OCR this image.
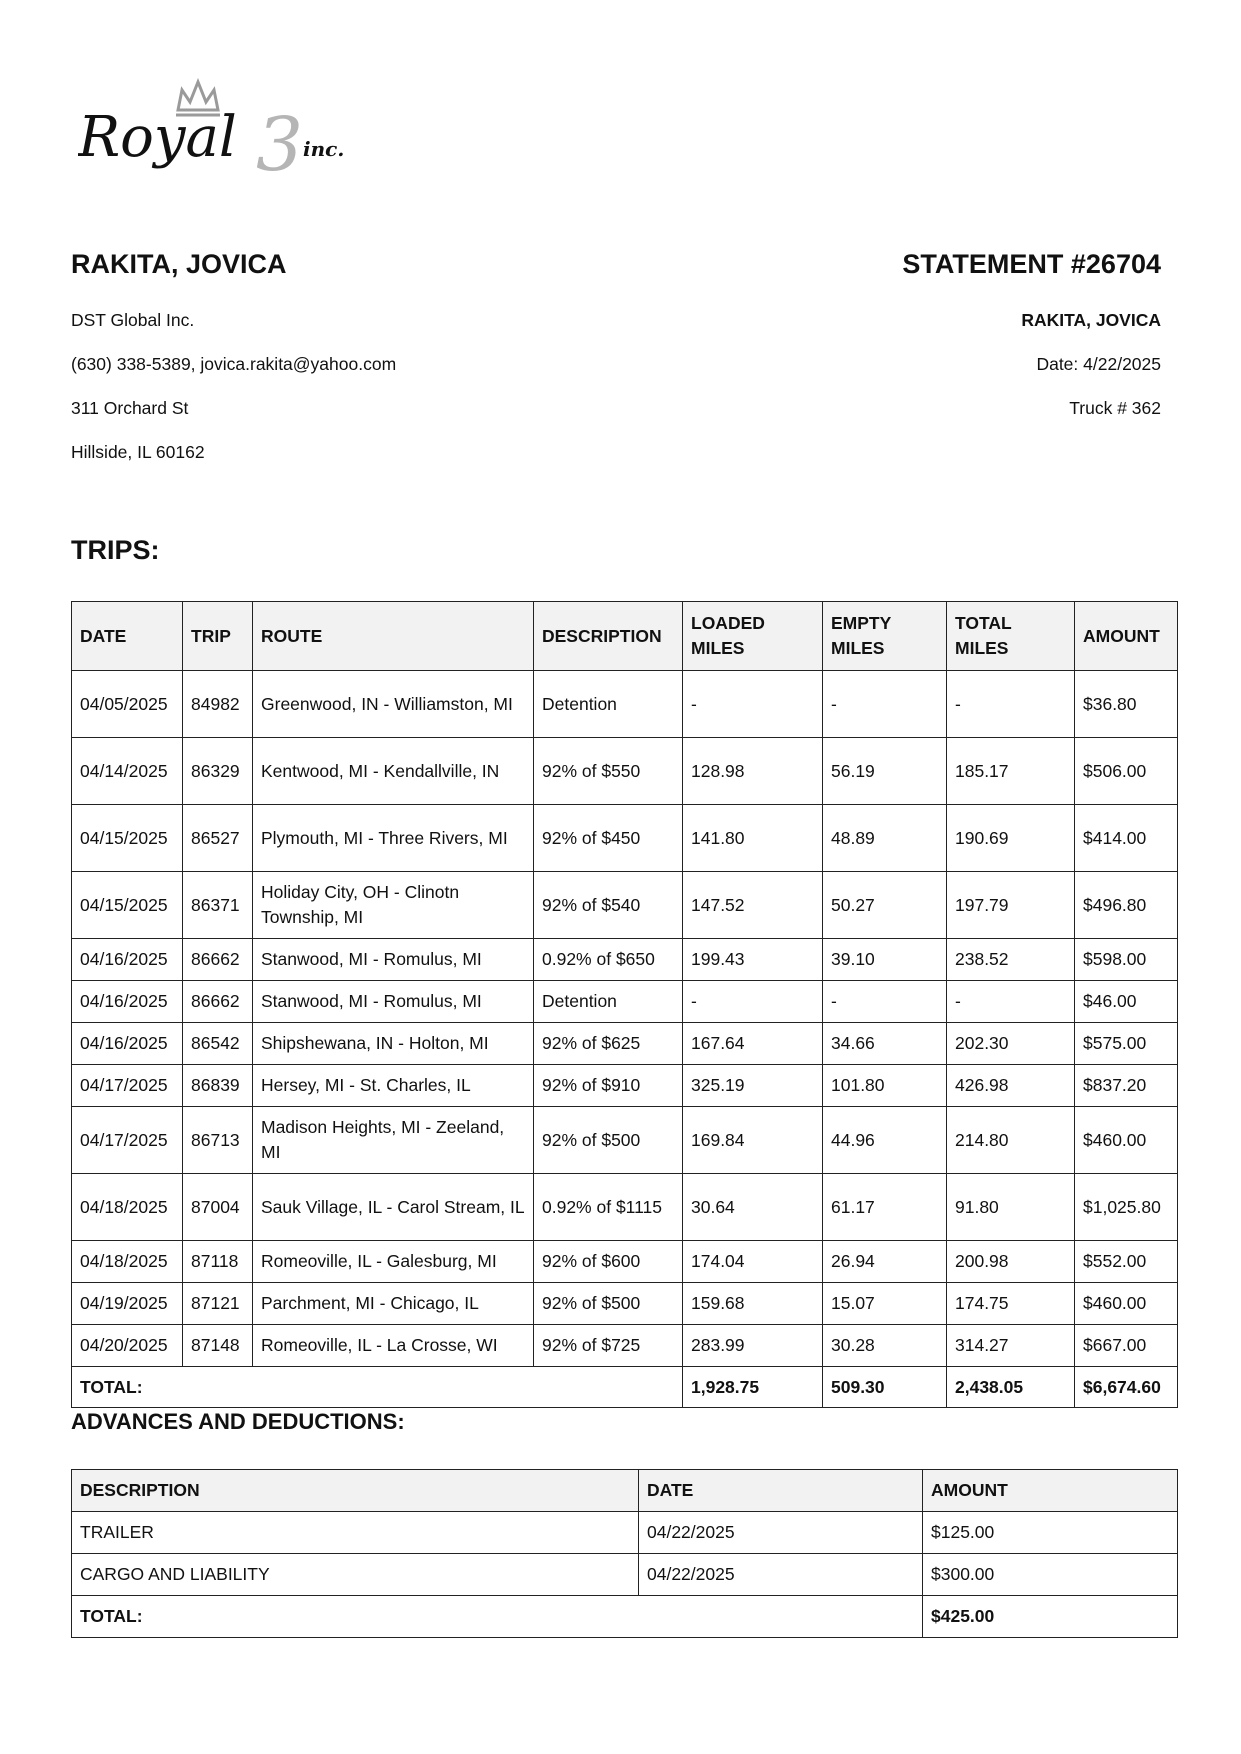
Royal 3 inc.
RAKITA, JOVICA
DST Global Inc.
(630) 338-5389, jovica.rakita@yahoo.com
311 Orchard St
Hillside, IL 60162
STATEMENT #26704
RAKITA, JOVICA
Date: 4/22/2025
Truck # 362
TRIPS:
DATE	TRIP	ROUTE	DESCRIPTION	LOADED MILES	EMPTY MILES	TOTAL MILES	AMOUNT
04/05/2025	84982	Greenwood, IN - Williamston, MI	Detention	-	-	-	$36.80
04/14/2025	86329	Kentwood, MI - Kendallville, IN	92% of $550	128.98	56.19	185.17	$506.00
04/15/2025	86527	Plymouth, MI - Three Rivers, MI	92% of $450	141.80	48.89	190.69	$414.00
04/15/2025	86371	Holiday City, OH - Clinotn Township, MI	92% of $540	147.52	50.27	197.79	$496.80
04/16/2025	86662	Stanwood, MI - Romulus, MI	0.92% of $650	199.43	39.10	238.52	$598.00
04/16/2025	86662	Stanwood, MI - Romulus, MI	Detention	-	-	-	$46.00
04/16/2025	86542	Shipshewana, IN - Holton, MI	92% of $625	167.64	34.66	202.30	$575.00
04/17/2025	86839	Hersey, MI - St. Charles, IL	92% of $910	325.19	101.80	426.98	$837.20
04/17/2025	86713	Madison Heights, MI - Zeeland, MI	92% of $500	169.84	44.96	214.80	$460.00
04/18/2025	87004	Sauk Village, IL - Carol Stream, IL	0.92% of $1115	30.64	61.17	91.80	$1,025.80
04/18/2025	87118	Romeoville, IL - Galesburg, MI	92% of $600	174.04	26.94	200.98	$552.00
04/19/2025	87121	Parchment, MI - Chicago, IL	92% of $500	159.68	15.07	174.75	$460.00
04/20/2025	87148	Romeoville, IL - La Crosse, WI	92% of $725	283.99	30.28	314.27	$667.00
TOTAL:				1,928.75	509.30	2,438.05	$6,674.60
ADVANCES AND DEDUCTIONS:
DESCRIPTION	DATE	AMOUNT
TRAILER	04/22/2025	$125.00
CARGO AND LIABILITY	04/22/2025	$300.00
TOTAL:		$425.00
